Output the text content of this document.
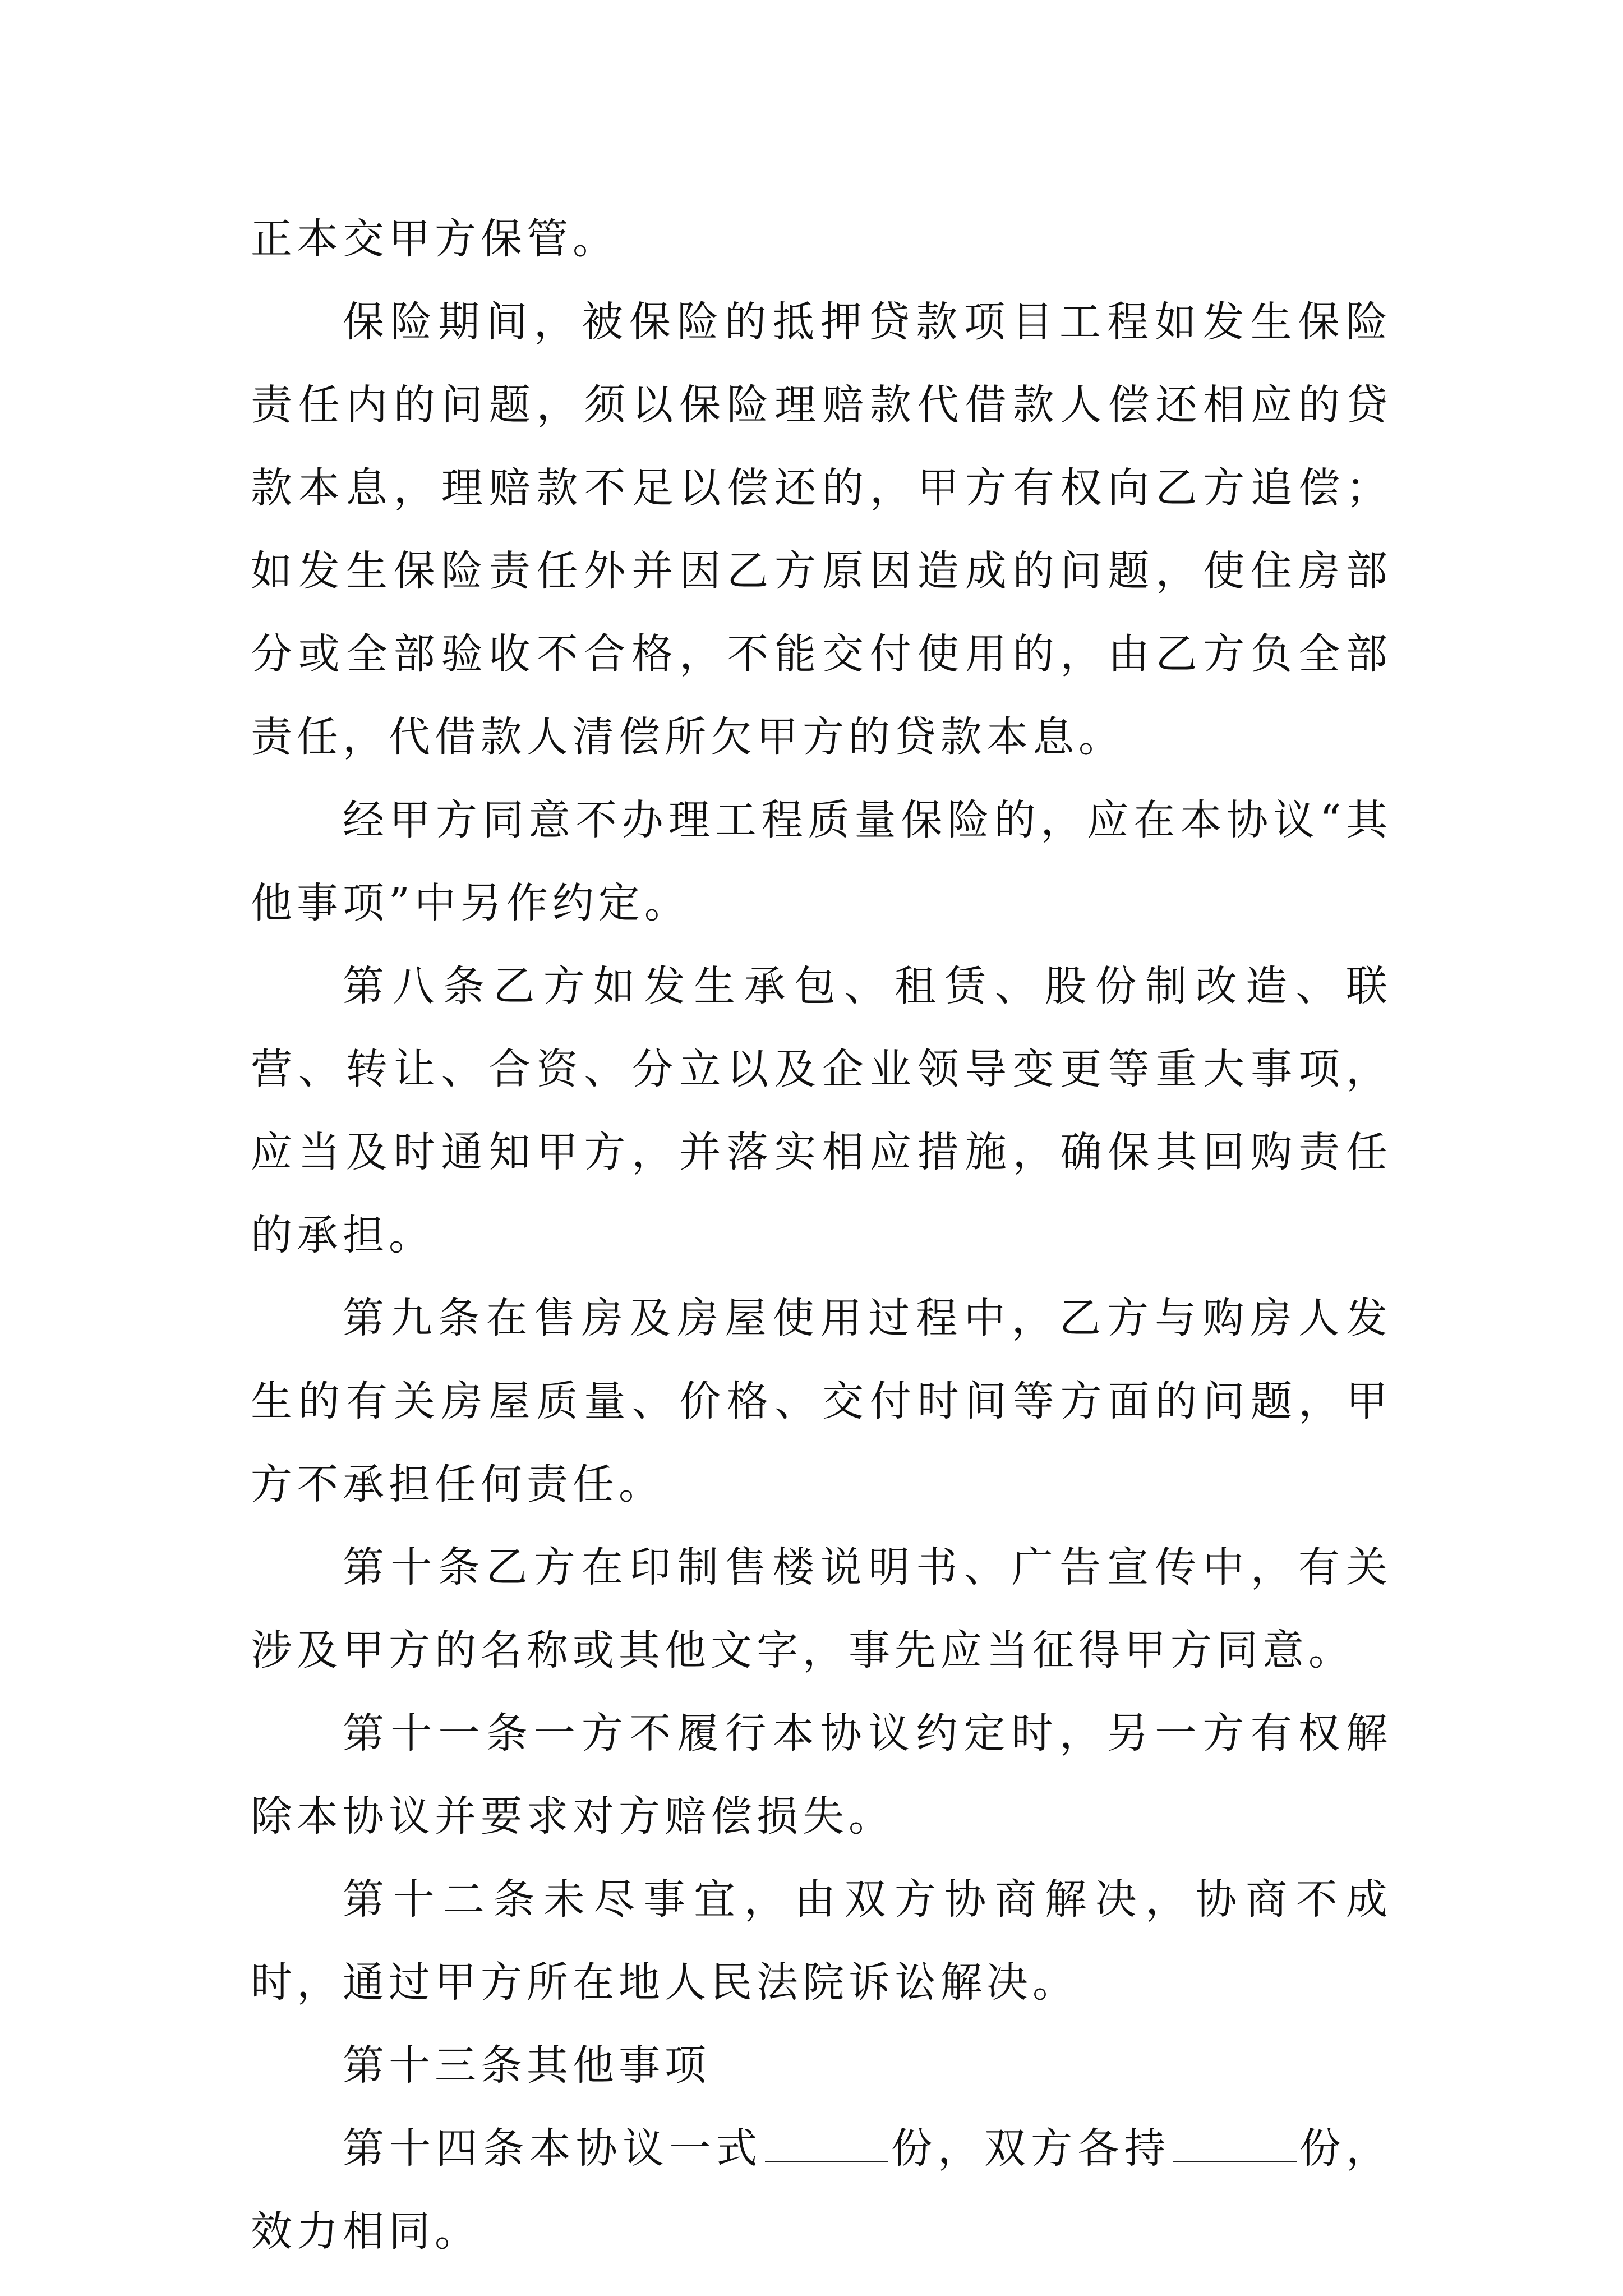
正本交甲方保管。

保险期间，被保险的抵押贷款项目工程如发生保险责任内的问题，须以保险理赔款代借款人偿还相应的贷款本息，理赔款不足以偿还的，甲方有权向乙方追偿；如发生保险责任外并因乙方原因造成的问题，使住房部分或全部验收不合格，不能交付使用的，由乙方负全部责任，代借款人清偿所欠甲方的贷款本息。

经甲方同意不办理工程质量保险的，应在本协议“其他事项”中另作约定。

第八条乙方如发生承包、租赁、股份制改造、联营、转让、合资、分立以及企业领导变更等重大事项，应当及时通知甲方，并落实相应措施，确保其回购责任的承担。

第九条在售房及房屋使用过程中，乙方与购房人发生的有关房屋质量、价格、交付时间等方面的问题，甲方不承担任何责任。

第十条乙方在印制售楼说明书、广告宣传中，有关涉及甲方的名称或其他文字，事先应当征得甲方同意。

第十一条一方不履行本协议约定时，另一方有权解除本协议并要求对方赔偿损失。

第十二条未尽事宜，由双方协商解决，协商不成时，通过甲方所在地人民法院诉讼解决。

第十三条其他事项

第十四条本协议一式	份，双方各持	份，效力相同。
